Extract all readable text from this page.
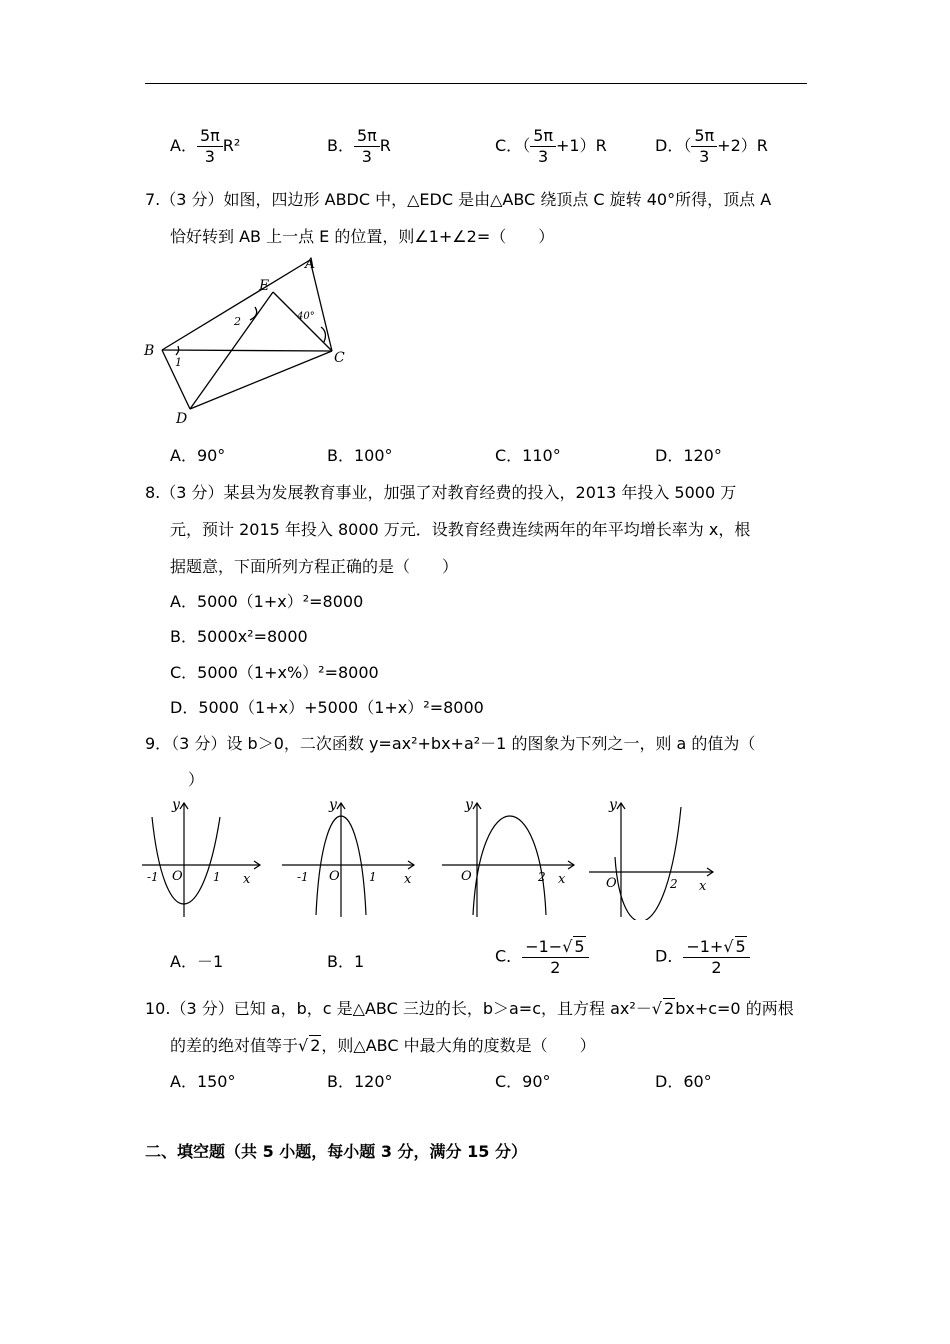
A． $\frac{5\pi}{3} R^2$	B． $\frac{5\pi}{3}$ R	C．（ $\frac{5\pi}{3} +1)R$	D．（ $\frac{5\pi}{3} +2)R$
7.（3 分）如图，四边形 ABDC 中，△EDC 是由△ABC 绕顶点 C 旋转 40°所得，顶点 A
恰好转到 AB 上一点 E 的位置，则∠1+∠2=（　　）
A
E
B	C
D
1
2	40°
A．90°	B．100°	C．110°	D．120°
8.（3 分）某县为发展教育事业，加强了对教育经费的投入，2013 年投入 5000 万
元，预计 2015 年投入 8000 万元．设教育经费连续两年的年平均增长率为 x，根
据题意，下面所列方程正确的是（　　）
A．5000（1+x）²=8000
B．5000x²=8000
C．5000（1+x%）²=8000
D．5000（1+x）+5000（1+x）²=8000
9．（3 分）设 b＞0，二次函数 y=ax²+bx+a²－1 的图象为下列之一，则 a 的值为（
）
y
x
O
-1	1
y
x
O
-1	1
y
x
O	2
y
x
O	2
A．－1	B．1	C． $\frac{-1-√ 5}{2}$	D． $\frac{-1+√ 5}{2}$
10.（3 分）已知 a，b，c 是△ABC 三边的长，b＞a=c，且方程 ax²－√ 2bx+c=0 的两根
的差的绝对值等于√ 2，则△ABC 中最大角的度数是（　　）
A．150°	B．120°	C．90°	D．60°
二、填空题（共 5 小题，每小题 3 分，满分 15 分）
